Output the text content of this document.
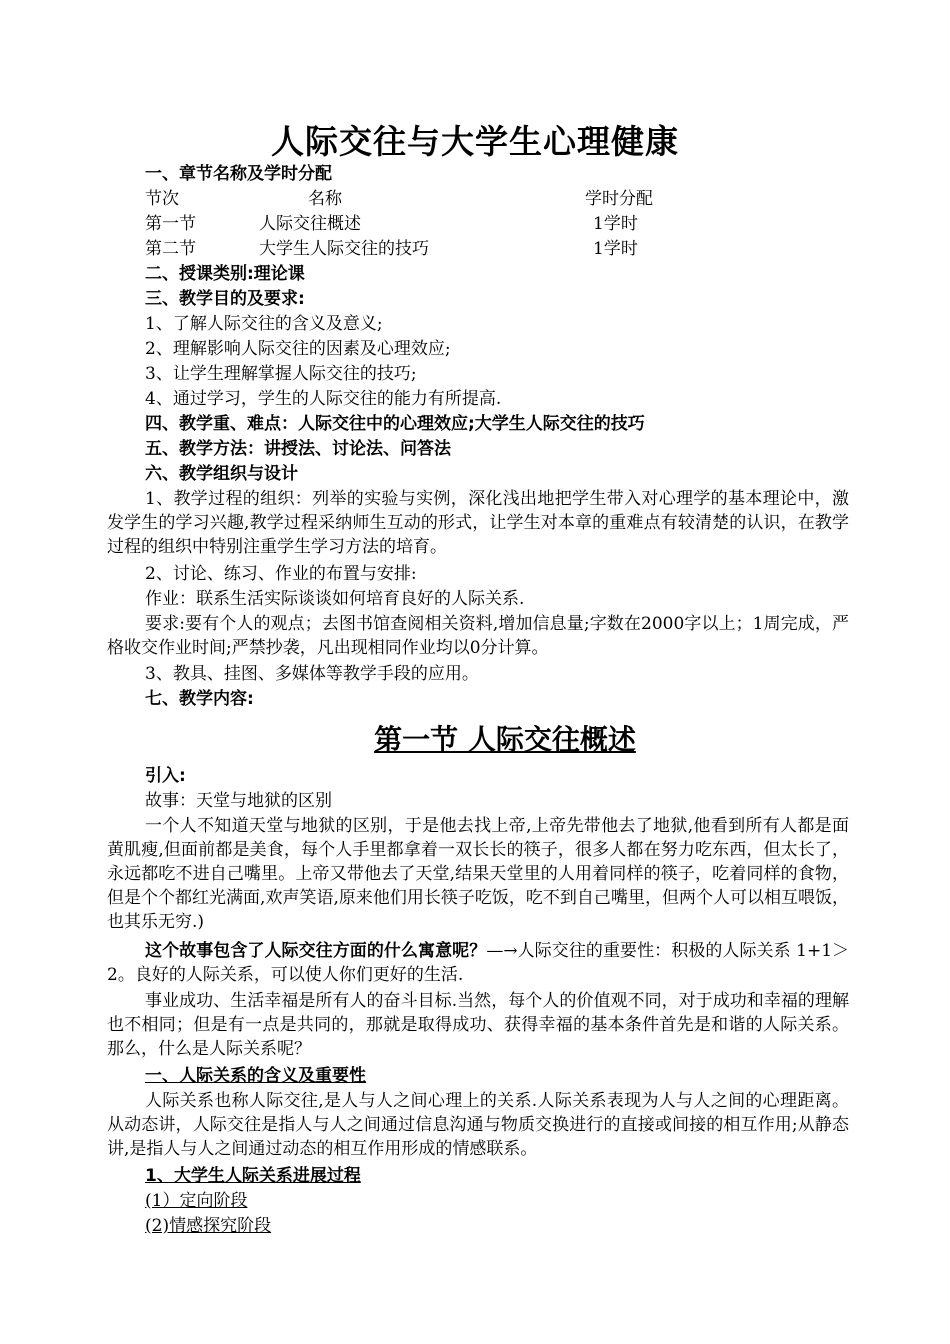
人际交往与大学生心理健康
一、章节名称及学时分配
节次	名称	学时分配
第一节	人际交往概述	1学时
第二节	大学生人际交往的技巧	1学时
二、授课类别:理论课
三、教学目的及要求:
1、了解人际交往的含义及意义;
2、理解影响人际交往的因素及心理效应;
3、让学生理解掌握人际交往的技巧;
4、通过学习，学生的人际交往的能力有所提高.
四、教学重、难点：人际交往中的心理效应;大学生人际交往的技巧
五、教学方法：讲授法、讨论法、问答法
六、教学组织与设计
1、教学过程的组织：列举的实验与实例，深化浅出地把学生带入对心理学的基本理论中，激发学生的学习兴趣,教学过程采纳师生互动的形式，让学生对本章的重难点有较清楚的认识，在教学过程的组织中特别注重学生学习方法的培育。
2、讨论、练习、作业的布置与安排:
作业：联系生活实际谈谈如何培育良好的人际关系.
要求:要有个人的观点；去图书馆查阅相关资料,增加信息量;字数在2000字以上；1周完成，严格收交作业时间;严禁抄袭，凡出现相同作业均以0分计算。
3、教具、挂图、多媒体等教学手段的应用。
七、教学内容:
第一节 人际交往概述
引入:
故事：天堂与地狱的区别
一个人不知道天堂与地狱的区别，于是他去找上帝,上帝先带他去了地狱,他看到所有人都是面黄肌瘦,但面前都是美食，每个人手里都拿着一双长长的筷子，很多人都在努力吃东西，但太长了，永远都吃不进自己嘴里。上帝又带他去了天堂,结果天堂里的人用着同样的筷子，吃着同样的食物，但是个个都红光满面,欢声笑语,原来他们用长筷子吃饭，吃不到自己嘴里，但两个人可以相互喂饭，也其乐无穷.)
这个故事包含了人际交往方面的什么寓意呢？—→人际交往的重要性：积极的人际关系 1+1＞2。良好的人际关系，可以使人你们更好的生活.
事业成功、生活幸福是所有人的奋斗目标.当然，每个人的价值观不同，对于成功和幸福的理解也不相同；但是有一点是共同的，那就是取得成功、获得幸福的基本条件首先是和谐的人际关系。那么，什么是人际关系呢？
一、人际关系的含义及重要性
人际关系也称人际交往,是人与人之间心理上的关系.人际关系表现为人与人之间的心理距离。从动态讲，人际交往是指人与人之间通过信息沟通与物质交换进行的直接或间接的相互作用;从静态讲,是指人与人之间通过动态的相互作用形成的情感联系。
1、大学生人际关系进展过程
(1）定向阶段
(2)情感探究阶段
